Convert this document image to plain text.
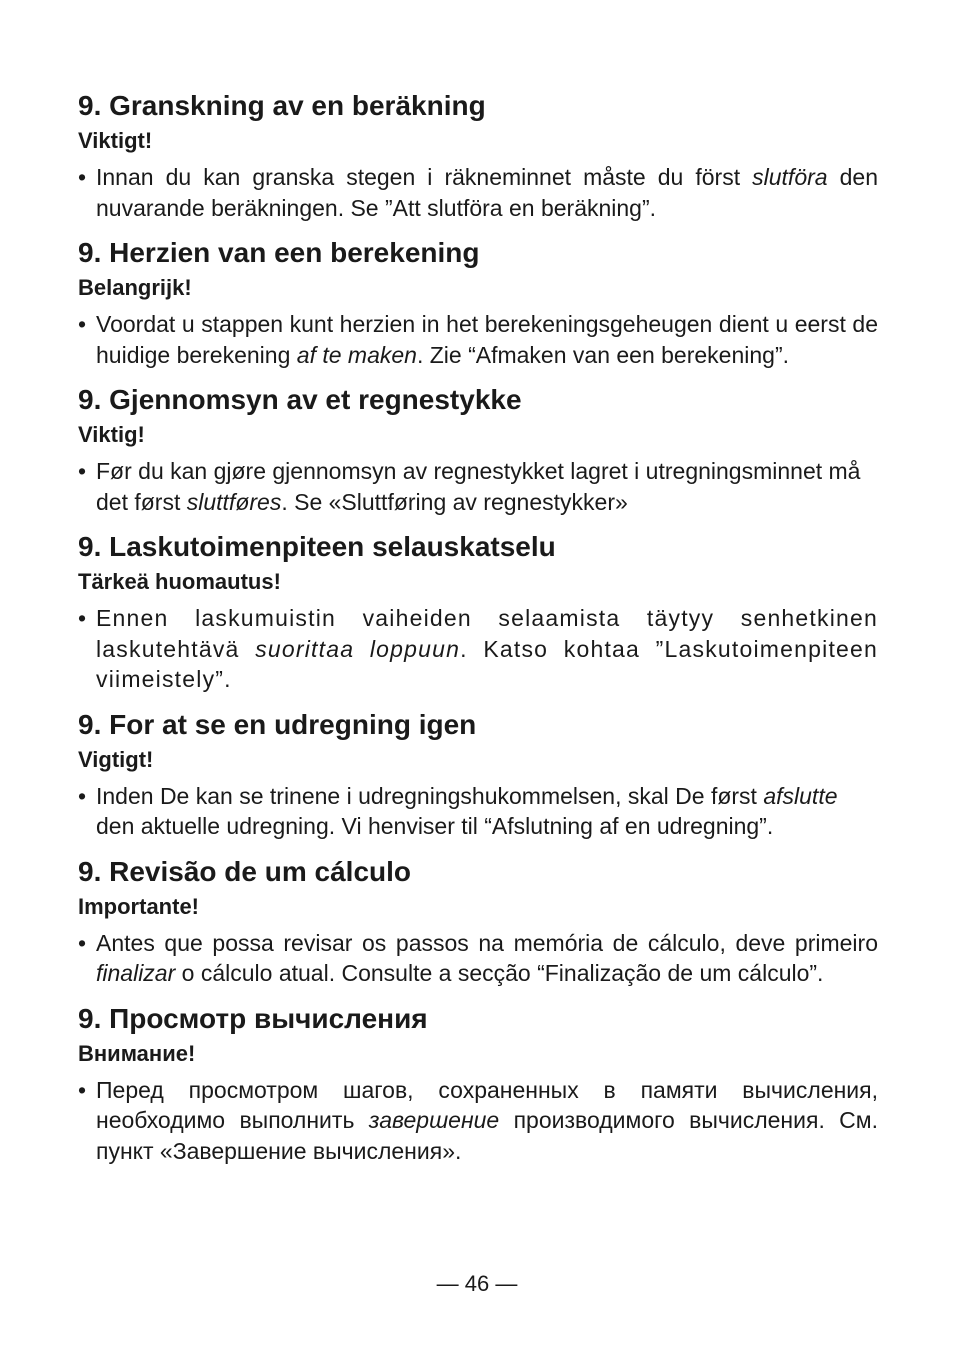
9. Granskning av en beräkning
Viktigt!
• Innan du kan granska stegen i räkneminnet måste du först slutföra den nuvarande beräkningen. Se ”Att slutföra en beräkning”.
9. Herzien van een berekening
Belangrijk!
• Voordat u stappen kunt herzien in het berekeningsgeheugen dient u eerst de huidige berekening af te maken. Zie “Afmaken van een berekening”.
9. Gjennomsyn av et regnestykke
Viktig!
• Før du kan gjøre gjennomsyn av regnestykket lagret i utregningsminnet må det først sluttføres. Se «Sluttføring av regnestykker»
9. Laskutoimenpiteen selauskatselu
Tärkeä huomautus!
• Ennen laskumuistin vaiheiden selaamista täytyy senhetkinen laskutehtävä suorittaa loppuun. Katso kohtaa ”Laskutoimenpiteen viimeistely”.
9. For at se en udregning igen
Vigtigt!
• Inden De kan se trinene i udregningshukommelsen, skal De først afslutte den aktuelle udregning. Vi henviser til “Afslutning af en udregning”.
9. Revisão de um cálculo
Importante!
• Antes que possa revisar os passos na memória de cálculo, deve primeiro finalizar o cálculo atual. Consulte a secção “Finalização de um cálculo”.
9. Просмотр вычисления
Внимание!
• Перед просмотром шагов, сохраненных в памяти вычисления, необходимо выполнить завершение производимого вычисления. См. пункт «Завершение вычисления».
— 46 —
